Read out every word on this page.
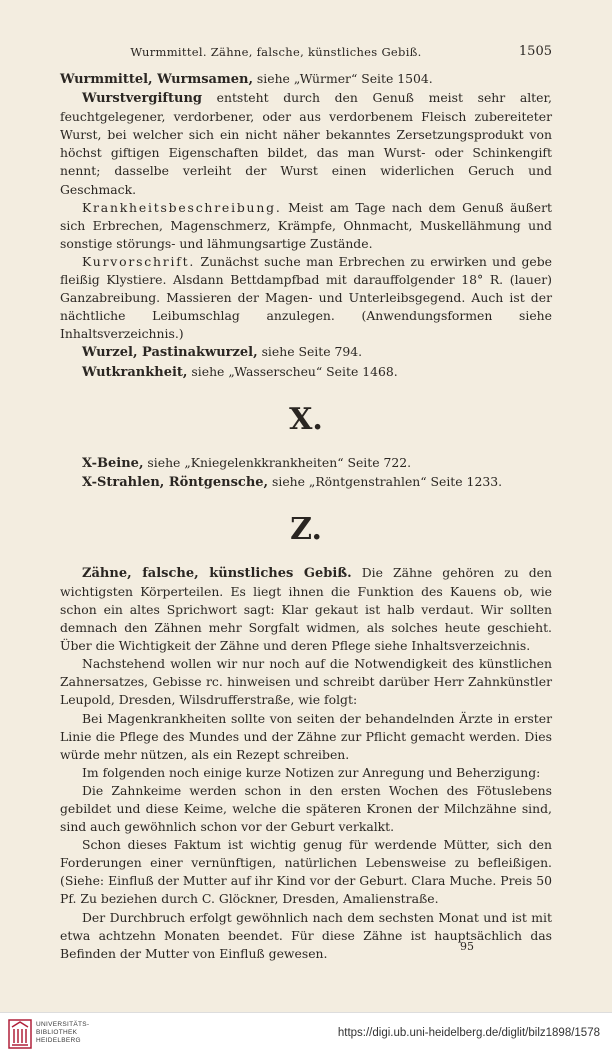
Wurmmittel. Zähne, falsche, künstliches Gebiß.	1505

Wurmmittel, Wurmsamen, siehe „Würmer“ Seite 1504.

Wurstvergiftung entsteht durch den Genuß meist sehr alter, feuchtgelegener, verdorbener, oder aus verdorbenem Fleisch zubereiteter Wurst, bei welcher sich ein nicht näher bekanntes Zersetzungsprodukt von höchst giftigen Eigenschaften bildet, das man Wurst- oder Schinkengift nennt; dasselbe verleiht der Wurst einen widerlichen Geruch und Geschmack.

Krankheitsbeschreibung. Meist am Tage nach dem Genuß äußert sich Erbrechen, Magenschmerz, Krämpfe, Ohnmacht, Muskellähmung und sonstige störungs- und lähmungsartige Zustände.

Kurvorschrift. Zunächst suche man Erbrechen zu erwirken und gebe fleißig Klystiere. Alsdann Bettdampfbad mit darauffolgender 18° R. (lauer) Ganzabreibung. Massieren der Magen- und Unterleibsgegend. Auch ist der nächtliche Leibumschlag anzulegen. (Anwendungsformen siehe Inhaltsverzeichnis.)

Wurzel, Pastinakwurzel, siehe Seite 794.

Wutkrankheit, siehe „Wasserscheu“ Seite 1468.

X.

X-Beine, siehe „Kniegelenkkrankheiten“ Seite 722.

X-Strahlen, Röntgensche, siehe „Röntgenstrahlen“ Seite 1233.

Z.

Zähne, falsche, künstliches Gebiß. Die Zähne gehören zu den wichtigsten Körperteilen. Es liegt ihnen die Funktion des Kauens ob, wie schon ein altes Sprichwort sagt: Klar gekaut ist halb verdaut. Wir sollten demnach den Zähnen mehr Sorgfalt widmen, als solches heute geschieht. Über die Wichtigkeit der Zähne und deren Pflege siehe Inhaltsverzeichnis.

Nachstehend wollen wir nur noch auf die Notwendigkeit des künstlichen Zahnersatzes, Gebisse rc. hinweisen und schreibt darüber Herr Zahnkünstler Leupold, Dresden, Wilsdrufferstraße, wie folgt:

Bei Magenkrankheiten sollte von seiten der behandelnden Ärzte in erster Linie die Pflege des Mundes und der Zähne zur Pflicht gemacht werden. Dies würde mehr nützen, als ein Rezept schreiben.

Im folgenden noch einige kurze Notizen zur Anregung und Beherzigung:

Die Zahnkeime werden schon in den ersten Wochen des Fötuslebens gebildet und diese Keime, welche die späteren Kronen der Milchzähne sind, sind auch gewöhnlich schon vor der Geburt verkalkt.

Schon dieses Faktum ist wichtig genug für werdende Mütter, sich den Forderungen einer vernünftigen, natürlichen Lebensweise zu befleißigen. (Siehe: Einfluß der Mutter auf ihr Kind vor der Geburt. Clara Muche. Preis 50 Pf. Zu beziehen durch C. Glöckner, Dresden, Amalienstraße.

Der Durchbruch erfolgt gewöhnlich nach dem sechsten Monat und ist mit etwa achtzehn Monaten beendet. Für diese Zähne ist hauptsächlich das Befinden der Mutter von Einfluß gewesen.	95
UNIVERSITÄTS-
BIBLIOTHEK
HEIDELBERG
https://digi.ub.uni-heidelberg.de/diglit/bilz1898/1578
